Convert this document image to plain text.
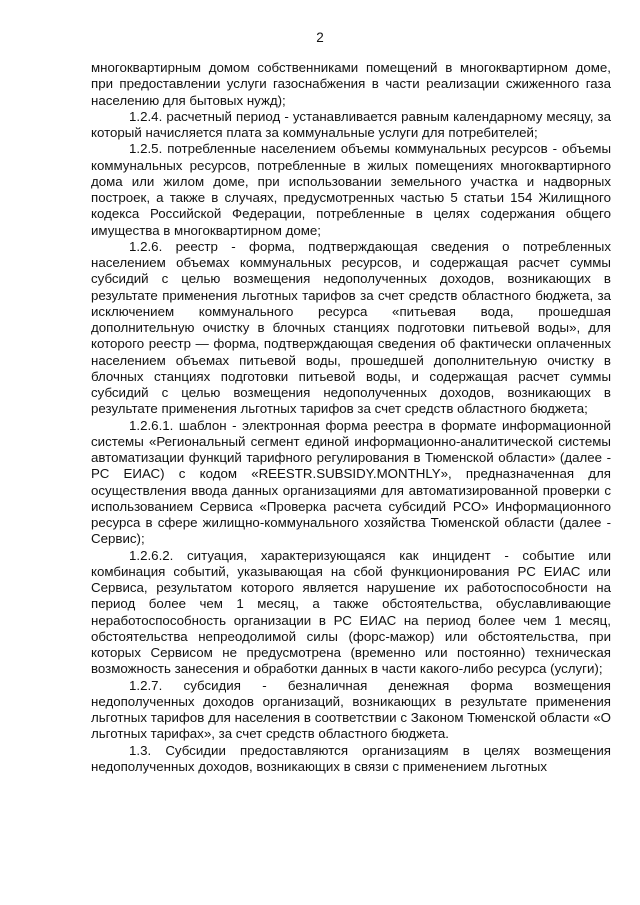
2

многоквартирным домом собственниками помещений в многоквартирном доме, при предоставлении услуги газоснабжения в части реализации сжиженного газа населению для бытовых нужд);

1.2.4. расчетный период - устанавливается равным календарному месяцу, за который начисляется плата за коммунальные услуги для потребителей;

1.2.5. потребленные населением объемы коммунальных ресурсов - объемы коммунальных ресурсов, потребленные в жилых помещениях многоквартирного дома или жилом доме, при использовании земельного участка и надворных построек, а также в случаях, предусмотренных частью 5 статьи 154 Жилищного кодекса Российской Федерации, потребленные в целях содержания общего имущества в многоквартирном доме;

1.2.6. реестр - форма, подтверждающая сведения о потребленных населением объемах коммунальных ресурсов, и содержащая расчет суммы субсидий с целью возмещения недополученных доходов, возникающих в результате применения льготных тарифов за счет средств областного бюджета, за исключением коммунального ресурса «питьевая вода, прошедшая дополнительную очистку в блочных станциях подготовки питьевой воды», для которого реестр — форма, подтверждающая сведения об фактически оплаченных населением объемах питьевой воды, прошедшей дополнительную очистку в блочных станциях подготовки питьевой воды, и содержащая расчет суммы субсидий с целью возмещения недополученных доходов, возникающих в результате применения льготных тарифов за счет средств областного бюджета;

1.2.6.1. шаблон - электронная форма реестра в формате информационной системы «Региональный сегмент единой информационно-аналитической системы автоматизации функций тарифного регулирования в Тюменской области» (далее - РС ЕИАС) с кодом «REESTR.SUBSIDY.MONTHLY», предназначенная для осуществления ввода данных организациями для автоматизированной проверки с использованием Сервиса «Проверка расчета субсидий РСО» Информационного ресурса в сфере жилищно-коммунального хозяйства Тюменской области (далее - Сервис);

1.2.6.2. ситуация, характеризующаяся как инцидент - событие или комбинация событий, указывающая на сбой функционирования РС ЕИАС или Сервиса, результатом которого является нарушение их работоспособности на период более чем 1 месяц, а также обстоятельства, обуславливающие неработоспособность организации в РС ЕИАС на период более чем 1 месяц, обстоятельства непреодолимой силы (форс-мажор) или обстоятельства, при которых Сервисом не предусмотрена (временно или постоянно) техническая возможность занесения и обработки данных в части какого-либо ресурса (услуги);

1.2.7. субсидия - безналичная денежная форма возмещения недополученных доходов организаций, возникающих в результате применения льготных тарифов для населения в соответствии с Законом Тюменской области «О льготных тарифах», за счет средств областного бюджета.

1.3. Субсидии предоставляются организациям в целях возмещения недополученных доходов, возникающих в связи с применением льготных
